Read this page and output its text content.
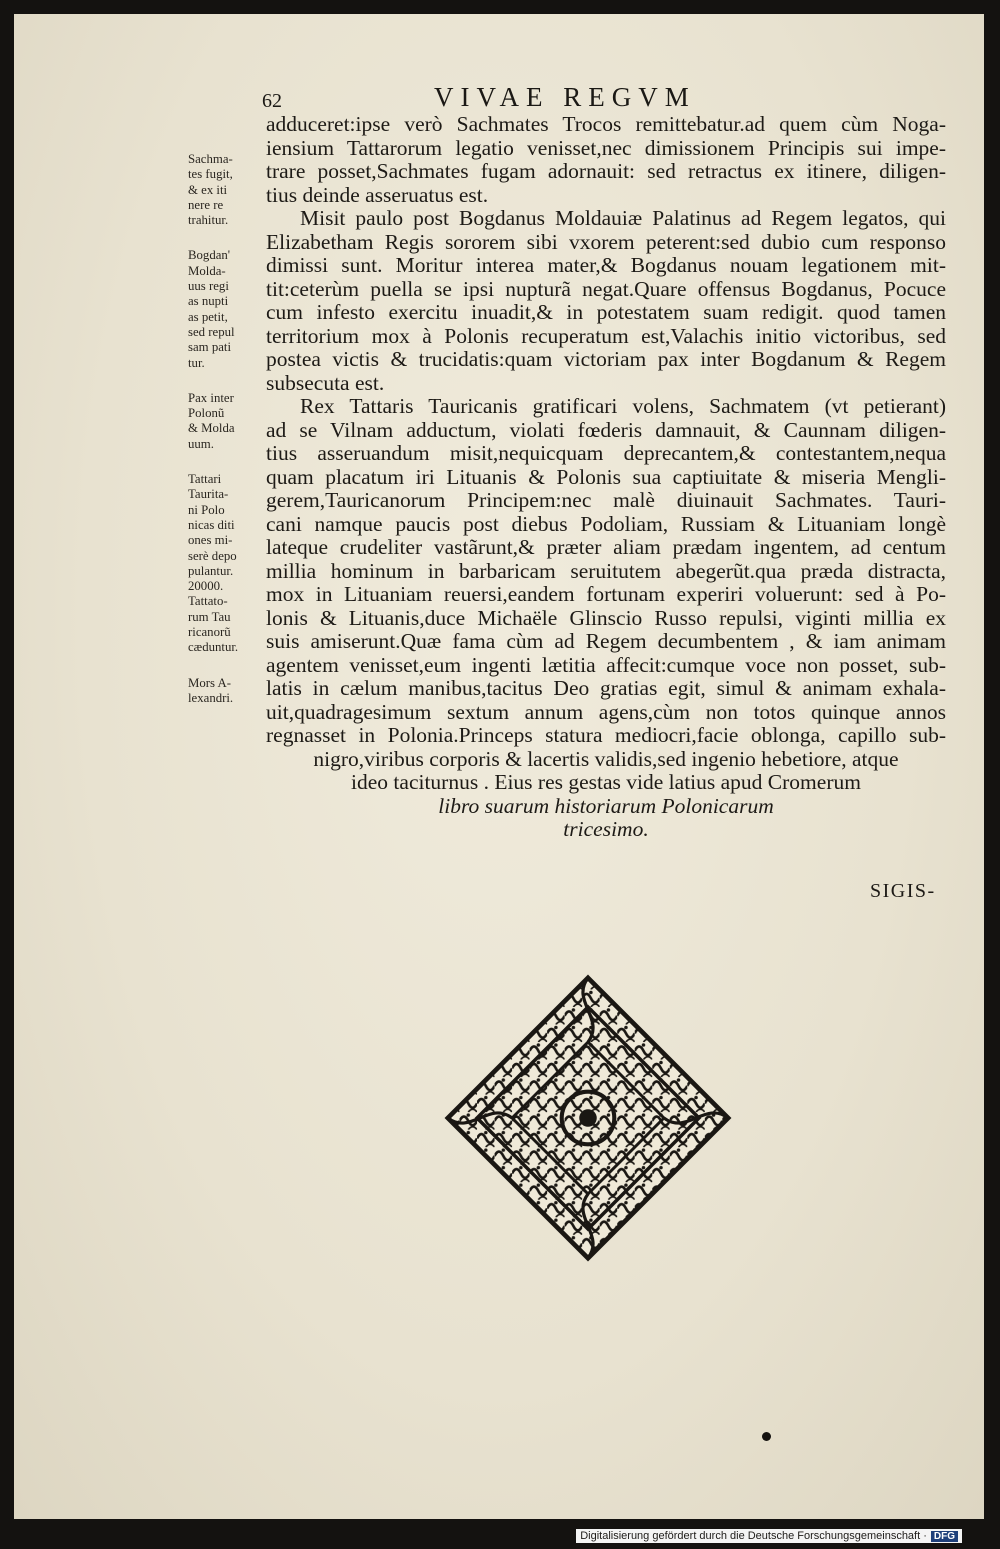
62	VIVAE REGVM
Sachma-
tes fugit,
& ex iti
nere re
trahitur.
Bogdan'
Molda-
uus regi
as nupti
as petit,
sed repul
sam pati
tur.
Pax inter
Polonũ
& Molda
uum.
Tattari
Taurita-
ni Polo
nicas diti
ones mi-
serè depo
pulantur.
20000.
Tattato-
rum Tau
ricanorũ
cæduntur.
Mors A-
lexandri.
adduceret:ipse verò Sachmates Trocos remittebatur.ad quem cùm Noga-
iensium Tattarorum legatio venisset,nec dimissionem Principis sui impe-
trare posset,Sachmates fugam adornauit: sed retractus ex itinere, diligen-
tius deinde asseruatus est.
Misit paulo post Bogdanus Moldauiæ Palatinus ad Regem legatos, qui
Elizabetham Regis sororem sibi vxorem peterent:sed dubio cum responso
dimissi sunt. Moritur interea mater,& Bogdanus nouam legationem mit-
tit:ceterùm puella se ipsi nupturã negat.Quare offensus Bogdanus, Pocuce
cum infesto exercitu inuadit,& in potestatem suam redigit. quod tamen
territorium mox à Polonis recuperatum est,Valachis initio victoribus, sed
postea victis & trucidatis:quam victoriam pax inter Bogdanum & Regem
subsecuta est.
Rex Tattaris Tauricanis gratificari volens, Sachmatem (vt petierant)
ad se Vilnam adductum, violati fœderis damnauit, & Caunnam diligen-
tius asseruandum misit,nequicquam deprecantem,& contestantem,nequa
quam placatum iri Lituanis & Polonis sua captiuitate & miseria Mengli-
gerem,Tauricanorum Principem:nec malè diuinauit Sachmates. Tauri-
cani namque paucis post diebus Podoliam, Russiam & Lituaniam longè
lateque crudeliter vastãrunt,& præter aliam prædam ingentem, ad centum
millia hominum in barbaricam seruitutem abegerũt.qua præda distracta,
mox in Lituaniam reuersi,eandem fortunam experiri voluerunt: sed à Po-
lonis & Lituanis,duce Michaële Glinscio Russo repulsi, viginti millia ex
suis amiserunt.Quæ fama cùm ad Regem decumbentem , & iam animam
agentem venisset,eum ingenti lætitia affecit:cumque voce non posset, sub-
latis in cælum manibus,tacitus Deo gratias egit, simul & animam exhala-
uit,quadragesimum sextum annum agens,cùm non totos quinque annos
regnasset in Polonia.Princeps statura mediocri,facie oblonga, capillo sub-
nigro,viribus corporis & lacertis validis,sed ingenio hebetiore, atque
ideo taciturnus . Eius res gestas vide latius apud Cromerum
libro suarum historiarum Polonicarum
tricesimo.
SIGIS-
Digitalisierung gefördert durch die Deutsche Forschungsgemeinschaft · DFG
